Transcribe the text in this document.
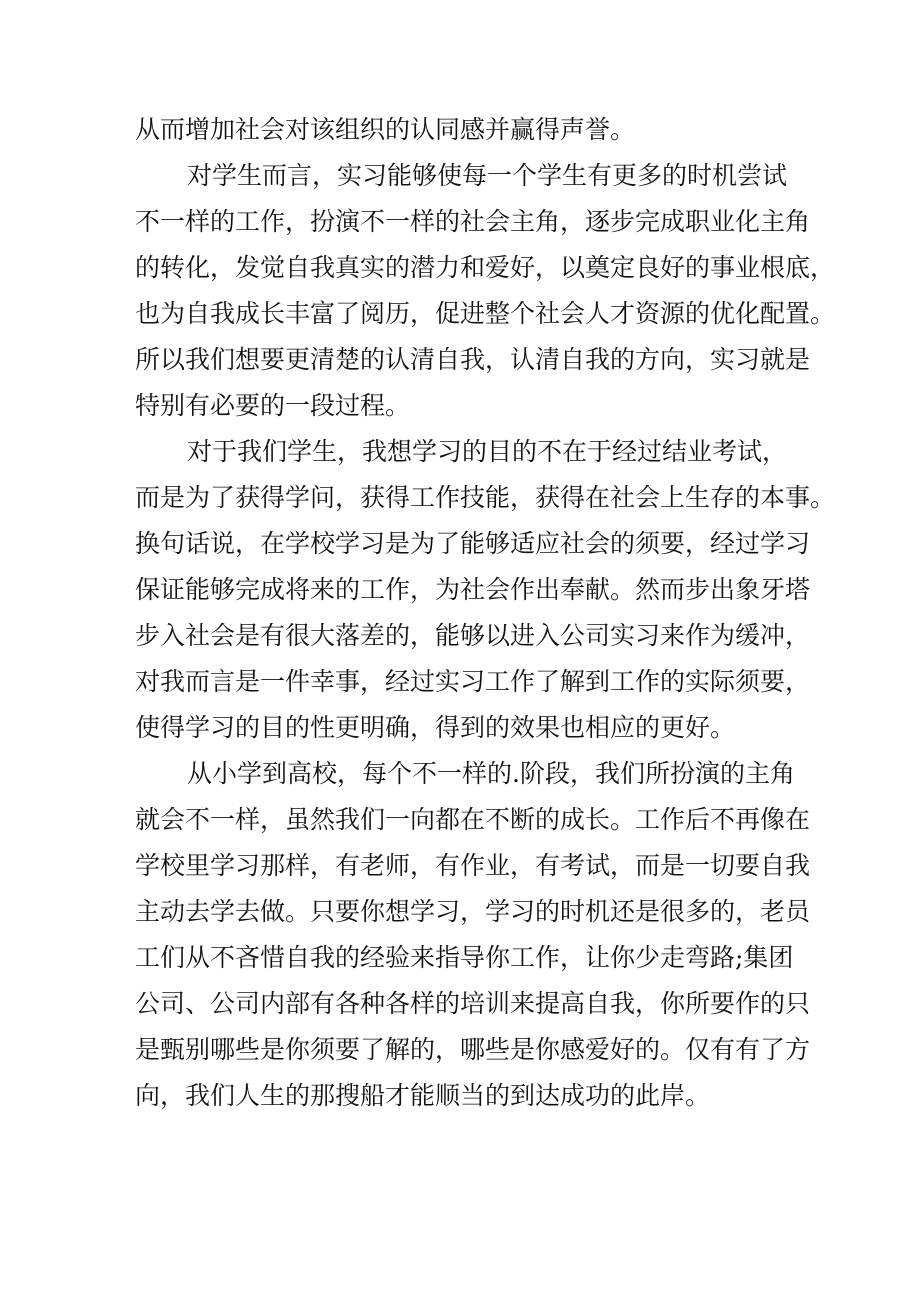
从而增加社会对该组织的认同感并赢得声誉。
对学生而言，实习能够使每一个学生有更多的时机尝试
不一样的工作，扮演不一样的社会主角，逐步完成职业化主角
的转化，发觉自我真实的潜力和爱好，以奠定良好的事业根底，
也为自我成长丰富了阅历，促进整个社会人才资源的优化配置。
所以我们想要更清楚的认清自我，认清自我的方向，实习就是
特别有必要的一段过程。
对于我们学生，我想学习的目的不在于经过结业考试，
而是为了获得学问，获得工作技能，获得在社会上生存的本事。
换句话说，在学校学习是为了能够适应社会的须要，经过学习
保证能够完成将来的工作，为社会作出奉献。然而步出象牙塔
步入社会是有很大落差的，能够以进入公司实习来作为缓冲，
对我而言是一件幸事，经过实习工作了解到工作的实际须要，
使得学习的目的性更明确，得到的效果也相应的更好。
从小学到高校，每个不一样的.阶段，我们所扮演的主角
就会不一样，虽然我们一向都在不断的成长。工作后不再像在
学校里学习那样，有老师，有作业，有考试，而是一切要自我
主动去学去做。只要你想学习，学习的时机还是很多的，老员
工们从不吝惜自我的经验来指导你工作，让你少走弯路;集团
公司、公司内部有各种各样的培训来提高自我，你所要作的只
是甄别哪些是你须要了解的，哪些是你感爱好的。仅有有了方
向，我们人生的那搜船才能顺当的到达成功的此岸。
